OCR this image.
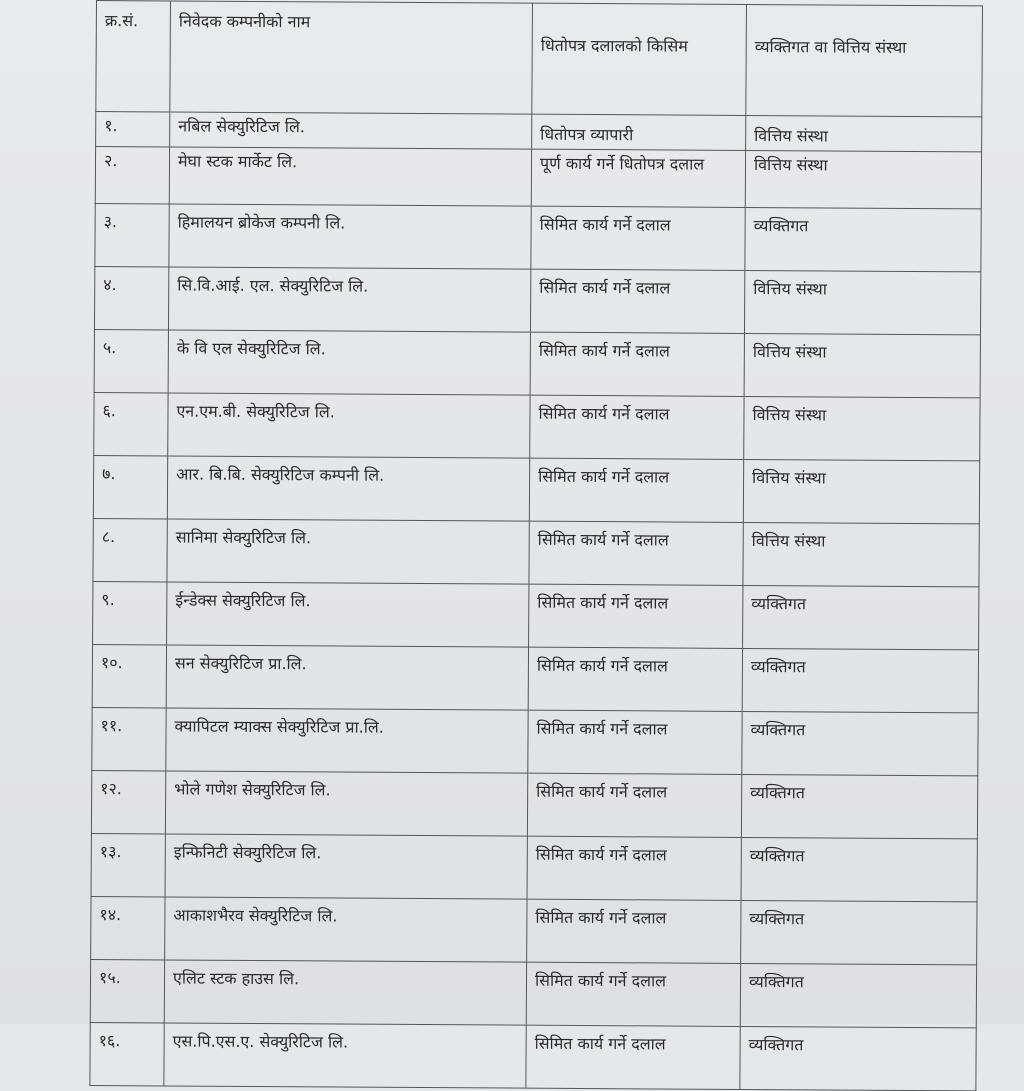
क्र.सं.	निवेदक कम्पनीको नाम	धितोपत्र दलालको किसिम	व्यक्तिगत वा वित्तिय संस्था
१.	नबिल सेक्युरिटिज लि.	धितोपत्र व्यापारी	वित्तिय संस्था
२.	मेघा स्टक मार्केट लि.	पूर्ण कार्य गर्ने धितोपत्र दलाल	वित्तिय संस्था
३.	हिमालयन ब्रोकेज कम्पनी लि.	सिमित कार्य गर्ने दलाल	व्यक्तिगत
४.	सि.वि.आई. एल. सेक्युरिटिज लि.	सिमित कार्य गर्ने दलाल	वित्तिय संस्था
५.	के वि एल सेक्युरिटिज लि.	सिमित कार्य गर्ने दलाल	वित्तिय संस्था
६.	एन.एम.बी. सेक्युरिटिज लि.	सिमित कार्य गर्ने दलाल	वित्तिय संस्था
७.	आर. बि.बि. सेक्युरिटिज कम्पनी लि.	सिमित कार्य गर्ने दलाल	वित्तिय संस्था
८.	सानिमा सेक्युरिटिज लि.	सिमित कार्य गर्ने दलाल	वित्तिय संस्था
९.	ईन्डेक्स सेक्युरिटिज लि.	सिमित कार्य गर्ने दलाल	व्यक्तिगत
१०.	सन सेक्युरिटिज प्रा.लि.	सिमित कार्य गर्ने दलाल	व्यक्तिगत
११.	क्यापिटल म्याक्स सेक्युरिटिज प्रा.लि.	सिमित कार्य गर्ने दलाल	व्यक्तिगत
१२.	भोले गणेश सेक्युरिटिज लि.	सिमित कार्य गर्ने दलाल	व्यक्तिगत
१३.	इन्फिनिटी सेक्युरिटिज लि.	सिमित कार्य गर्ने दलाल	व्यक्तिगत
१४.	आकाशभैरव सेक्युरिटिज लि.	सिमित कार्य गर्ने दलाल	व्यक्तिगत
१५.	एलिट स्टक हाउस लि.	सिमित कार्य गर्ने दलाल	व्यक्तिगत
१६.	एस.पि.एस.ए. सेक्युरिटिज लि.	सिमित कार्य गर्ने दलाल	व्यक्तिगत
